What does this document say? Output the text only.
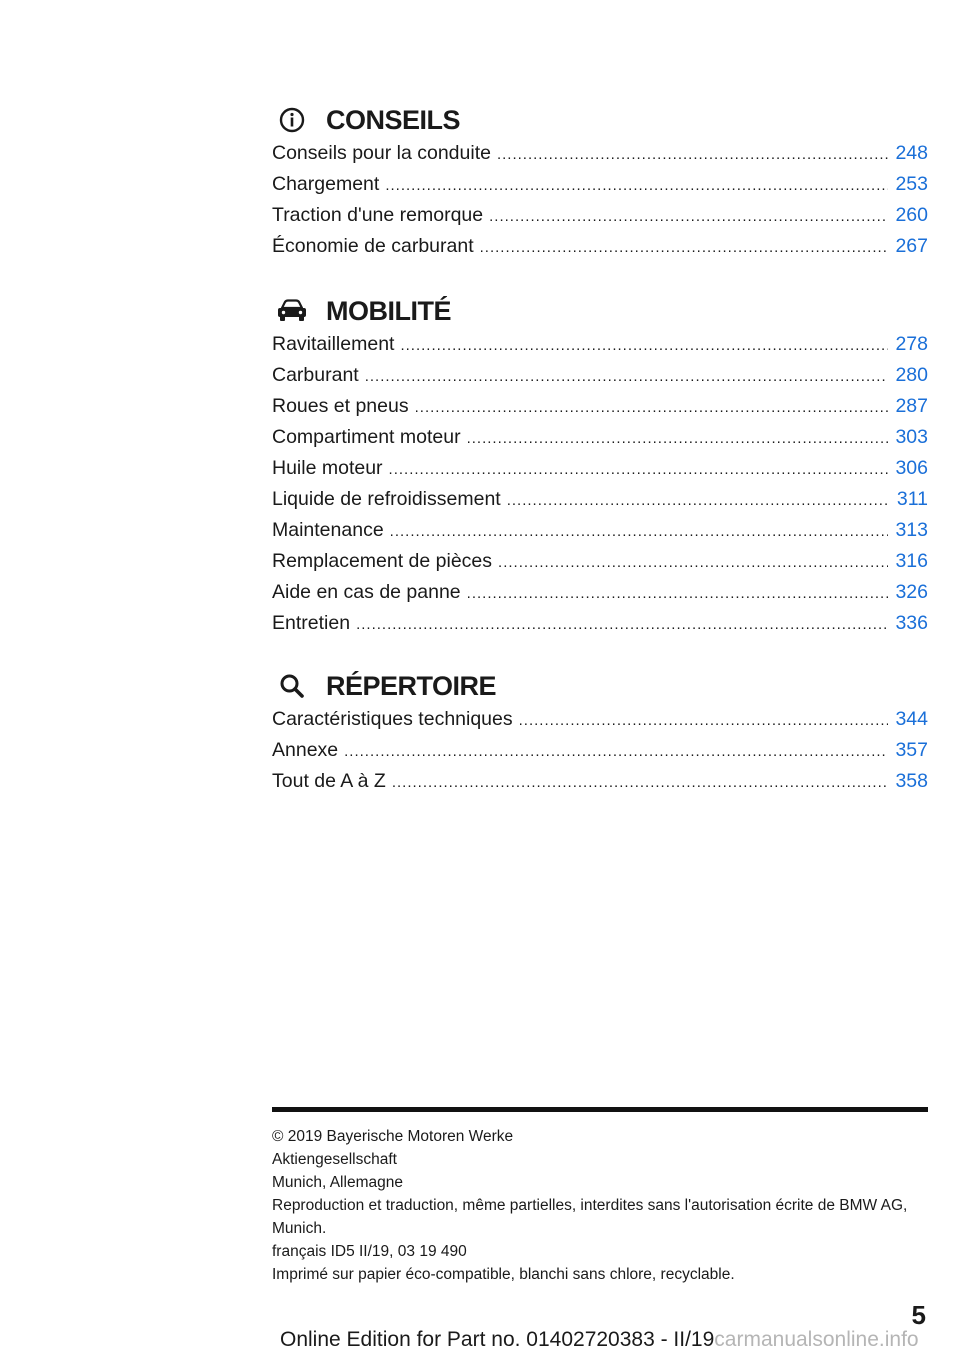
CONSEILS
Conseils pour la conduite .....	248
Chargement .....	253
Traction d'une remorque .....	260
Économie de carburant .....	267
MOBILITÉ
Ravitaillement .....	278
Carburant .....	280
Roues et pneus .....	287
Compartiment moteur .....	303
Huile moteur .....	306
Liquide de refroidissement .....	311
Maintenance .....	313
Remplacement de pièces .....	316
Aide en cas de panne .....	326
Entretien .....	336
RÉPERTOIRE
Caractéristiques techniques .....	344
Annexe .....	357
Tout de A à Z .....	358
© 2019 Bayerische Motoren Werke
Aktiengesellschaft
Munich, Allemagne
Reproduction et traduction, même partielles, interdites sans l'autorisation écrite de BMW AG, Munich.
français ID5 II/19, 03 19 490
Imprimé sur papier éco-compatible, blanchi sans chlore, recyclable.
5
Online Edition for Part no. 01402720383 - II/19carmanualsonline.info
